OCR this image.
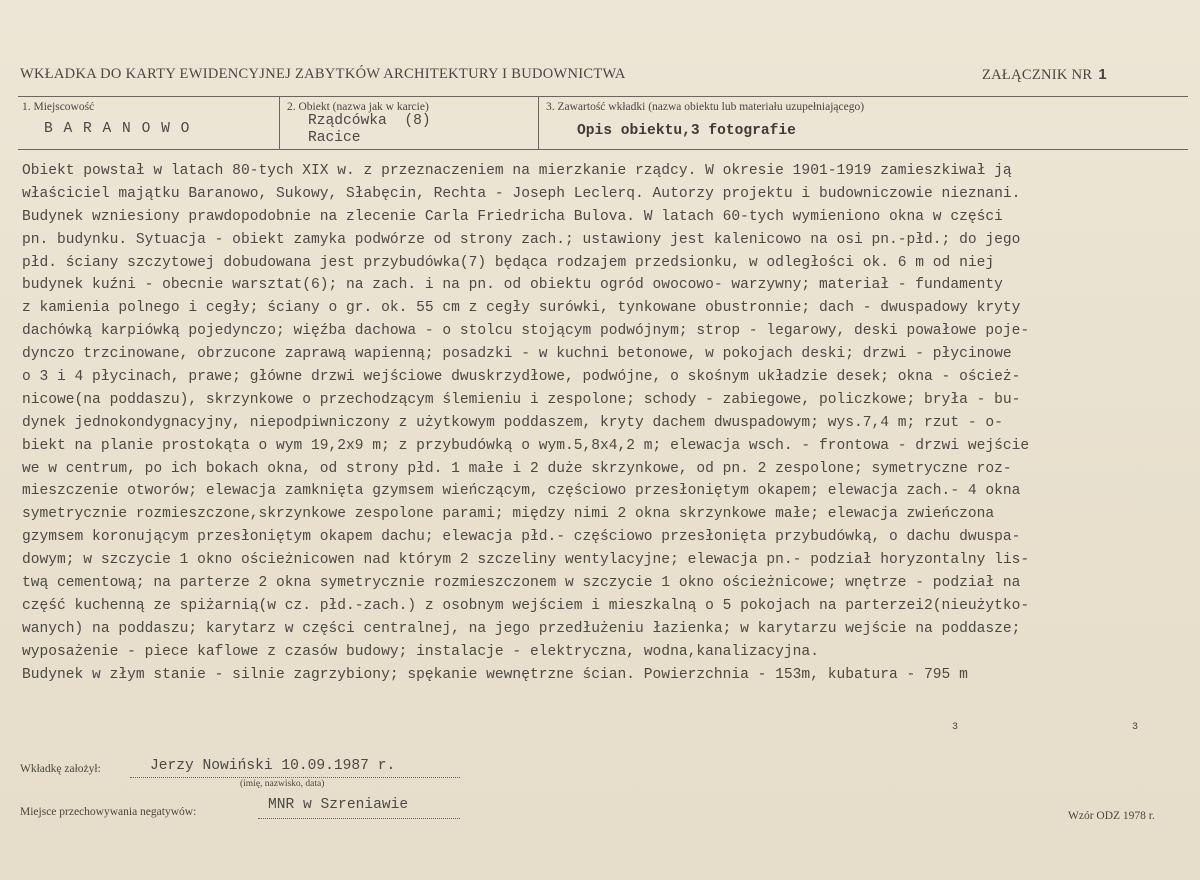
WKŁADKA DO KARTY EWIDENCYJNEJ ZABYTKÓW ARCHITEKTURY I BUDOWNICTWA	ZAŁĄCZNIK NR 1
1. Miejscowość
B A R A N O W O
2. Obiekt (nazwa jak w karcie)
Rządcówka  (8)
Racice
3. Zawartość wkładki (nazwa obiektu lub materiału uzupełniającego)
Opis obiektu,3 fotografie
Obiekt powstał w latach 80-tych XIX w. z przeznaczeniem na mierzkanie rządcy. W okresie 1901-1919 zamieszkiwał ją
właściciel majątku Baranowo, Sukowy, Słabęcin, Rechta - Joseph Leclerq. Autorzy projektu i budowniczowie nieznani.
Budynek wzniesiony prawdopodobnie na zlecenie Carla Friedricha Bulova. W latach 60-tych wymieniono okna w części
pn. budynku. Sytuacja - obiekt zamyka podwórze od strony zach.; ustawiony jest kalenicowo na osi pn.-płd.; do jego
płd. ściany szczytowej dobudowana jest przybudówka(7) będąca rodzajem przedsionku, w odległości ok. 6 m od niej
budynek kuźni - obecnie warsztat(6); na zach. i na pn. od obiektu ogród owocowo- warzywny; materiał - fundamenty
z kamienia polnego i cegły; ściany o gr. ok. 55 cm z cegły surówki, tynkowane obustronnie; dach - dwuspadowy kryty
dachówką karpiówką pojedynczo; więźba dachowa - o stolcu stojącym podwójnym; strop - legarowy, deski powałowe poje-
dynczo trzcinowane, obrzucone zaprawą wapienną; posadzki - w kuchni betonowe, w pokojach deski; drzwi - płycinowe
o 3 i 4 płycinach, prawe; główne drzwi wejściowe dwuskrzydłowe, podwójne, o skośnym układzie desek; okna - oścież-
nicowe(na poddaszu), skrzynkowe o przechodzącym ślemieniu i zespolone; schody - zabiegowe, policzkowe; bryła - bu-
dynek jednokondygnacyjny, niepodpiwniczony z użytkowym poddaszem, kryty dachem dwuspadowym; wys.7,4 m; rzut - o-
biekt na planie prostokąta o wym 19,2x9 m; z przybudówką o wym.5,8x4,2 m; elewacja wsch. - frontowa - drzwi wejście
we w centrum, po ich bokach okna, od strony płd. 1 małe i 2 duże skrzynkowe, od pn. 2 zespolone; symetryczne roz-
mieszczenie otworów; elewacja zamknięta gzymsem wieńczącym, częściowo przesłoniętym okapem; elewacja zach.- 4 okna
symetrycznie rozmieszczone,skrzynkowe zespolone parami; między nimi 2 okna skrzynkowe małe; elewacja zwieńczona
gzymsem koronującym przesłoniętym okapem dachu; elewacja płd.- częściowo przesłonięta przybudówką, o dachu dwuspa-
dowym; w szczycie 1 okno ościeżnicowen nad którym 2 szczeliny wentylacyjne; elewacja pn.- podział horyzontalny lis-
twą cementową; na parterze 2 okna symetrycznie rozmieszczonem w szczycie 1 okno ościeżnicowe; wnętrze - podział na
część kuchenną ze spiżarnią(w cz. płd.-zach.) z osobnym wejściem i mieszkalną o 5 pokojach na parterzei2(nieużytko-
wanych) na poddaszu; karytarz w części centralnej, na jego przedłużeniu łazienka; w karytarzu wejście na poddasze;
wyposażenie - piece kaflowe z czasów budowy; instalacje - elektryczna, wodna,kanalizacyjna.
Budynek w złym stanie - silnie zagrzybiony; spękanie wewnętrzne ścian. Powierzchnia - 153m, kubatura - 795 m
3	3
Wkładkę założył:	Jerzy Nowiński 10.09.1987 r.
(imię, nazwisko, data)
Miejsce przechowywania negatywów:	MNR w Szreniawie
Wzór ODZ 1978 r.
